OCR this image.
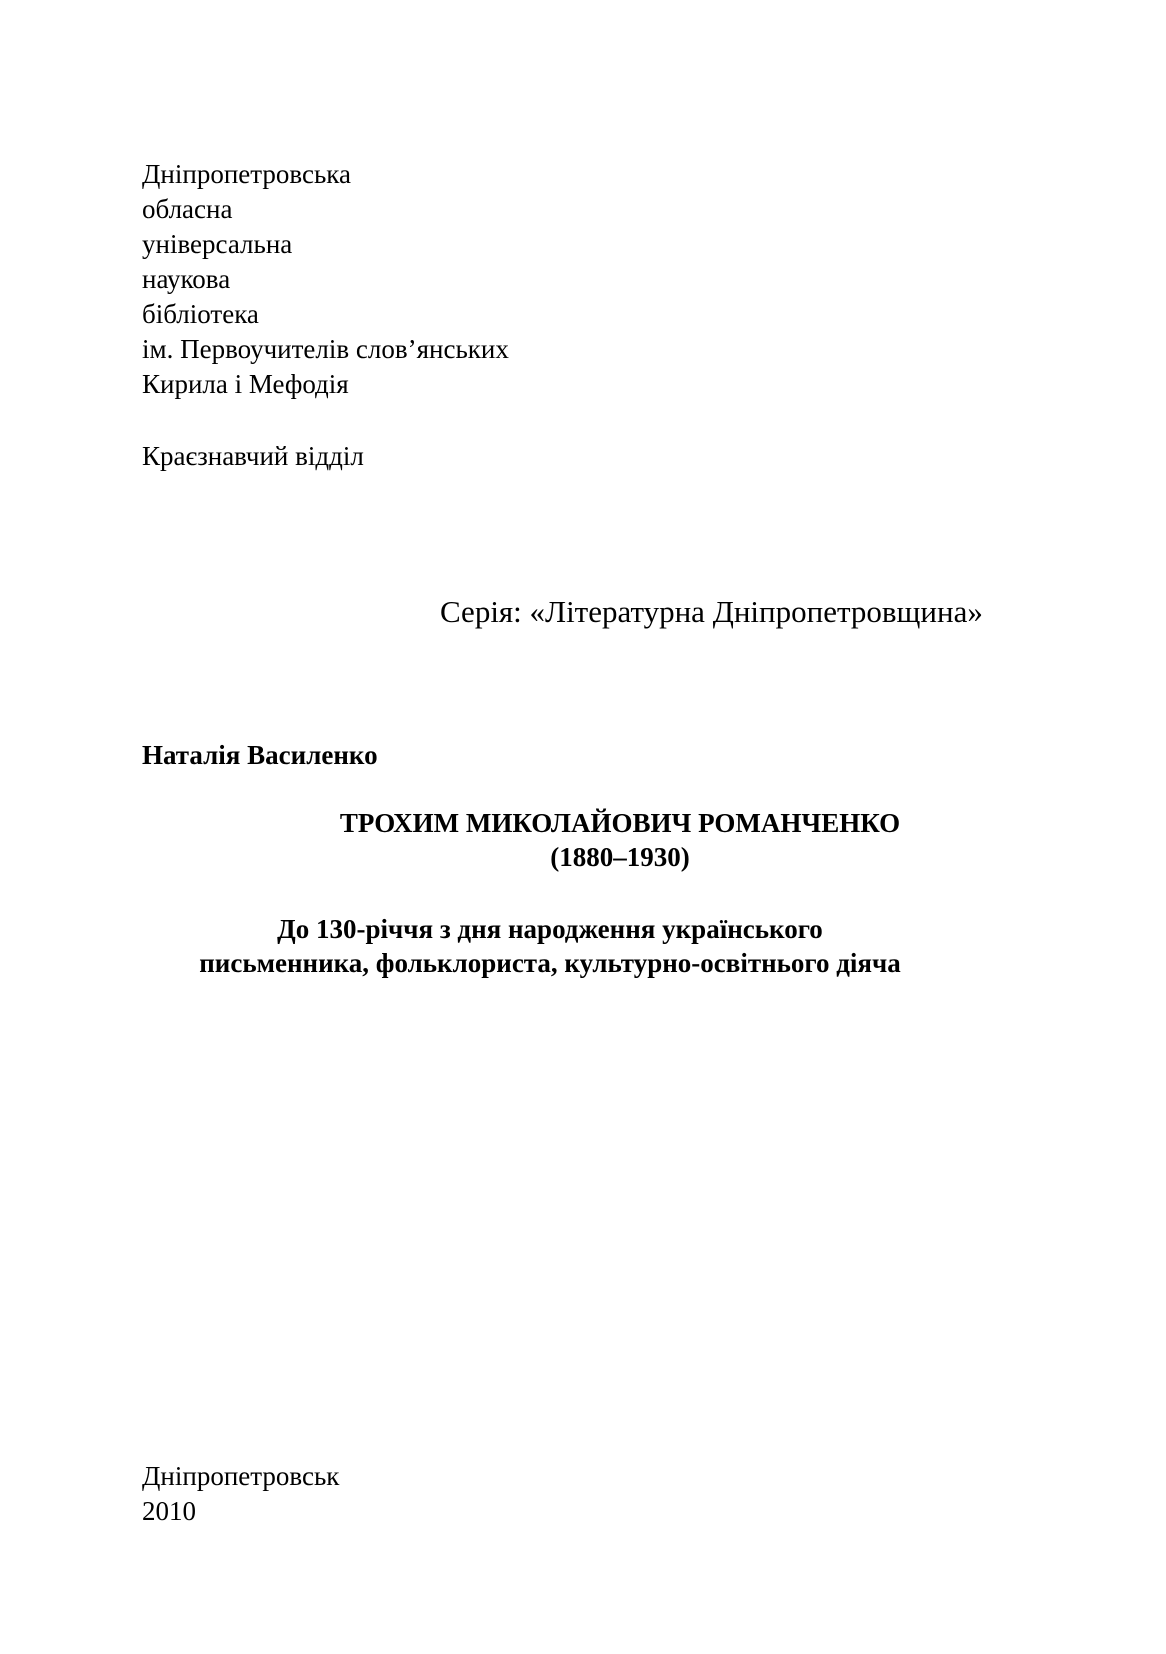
Дніпропетровська
обласна
універсальна
наукова
бібліотека
ім. Первоучителів слов’янських
Кирила і Мефодія
Краєзнавчий відділ
Серія: «Літературна Дніпропетровщина»
Наталія Василенко
ТРОХИМ МИКОЛАЙОВИЧ РОМАНЧЕНКО
(1880–1930)
До 130-річчя з дня народження українського
письменника, фольклориста, культурно-освітнього діяча
Дніпропетровськ
2010
